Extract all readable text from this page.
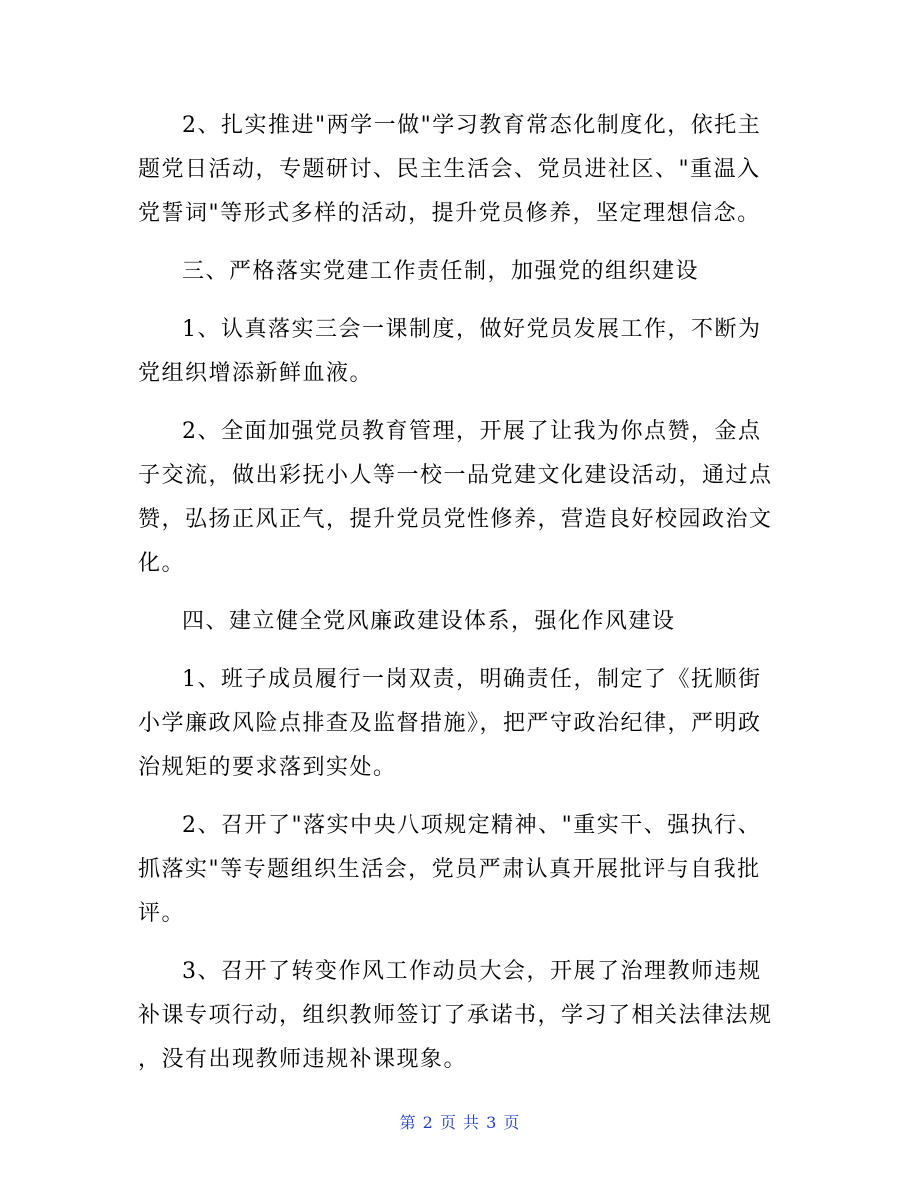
2、扎实推进"两学一做"学习教育常态化制度化，依托主
题党日活动，专题研讨、民主生活会、党员进社区、"重温入
党誓词"等形式多样的活动，提升党员修养，坚定理想信念。
三、严格落实党建工作责任制，加强党的组织建设
1、认真落实三会一课制度，做好党员发展工作，不断为
党组织增添新鲜血液。
2、全面加强党员教育管理，开展了让我为你点赞，金点
子交流，做出彩抚小人等一校一品党建文化建设活动，通过点
赞，弘扬正风正气，提升党员党性修养，营造良好校园政治文
化。
四、建立健全党风廉政建设体系，强化作风建设
1、班子成员履行一岗双责，明确责任，制定了《抚顺街
小学廉政风险点排查及监督措施》，把严守政治纪律，严明政
治规矩的要求落到实处。
2、召开了"落实中央八项规定精神、"重实干、强执行、
抓落实"等专题组织生活会，党员严肃认真开展批评与自我批
评。
3、召开了转变作风工作动员大会，开展了治理教师违规
补课专项行动，组织教师签订了承诺书，学习了相关法律法规
，没有出现教师违规补课现象。
第 2 页 共 3 页
